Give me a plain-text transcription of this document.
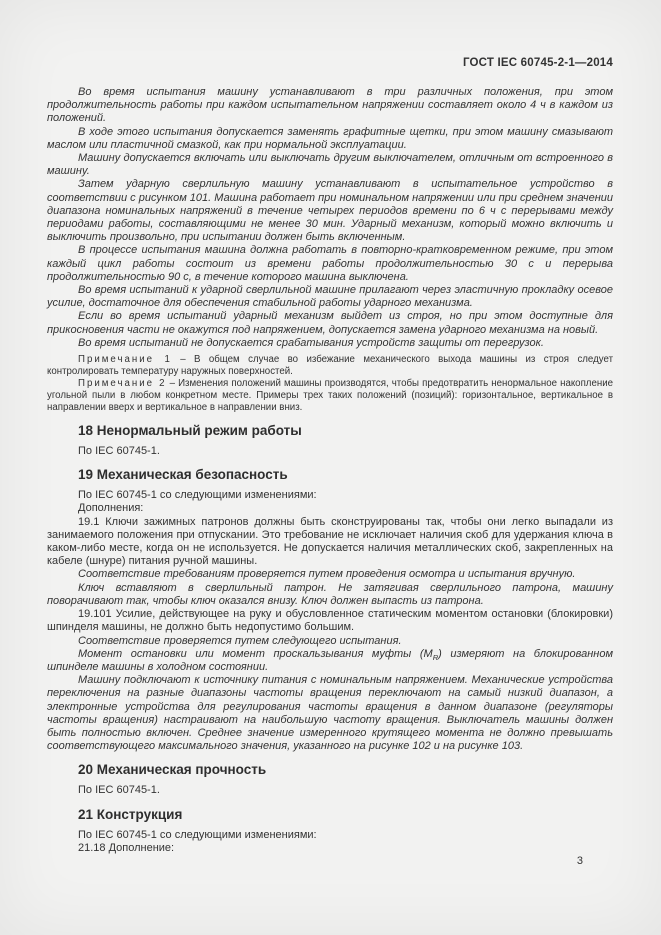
ГОСТ IEC 60745-2-1—2014

Во время испытания машину устанавливают в три различных положения, при этом продолжительность работы при каждом испытательном напряжении составляет около 4 ч в каждом из положений.

В ходе этого испытания допускается заменять графитные щетки, при этом машину смазывают маслом или пластичной смазкой, как при нормальной эксплуатации.

Машину допускается включать или выключать другим выключателем, отличным от встроенного в машину.

Затем ударную сверлильную машину устанавливают в испытательное устройство в соответствии с рисунком 101. Машина работает при номинальном напряжении или при среднем значении диапазона номинальных напряжений в течение четырех периодов времени по 6 ч с перерывами между периодами работы, составляющими не менее 30 мин. Ударный механизм, который можно включить и выключить произвольно, при испытании должен быть включенным.

В процессе испытания машина должна работать в повторно-кратковременном режиме, при этом каждый цикл работы состоит из времени работы продолжительностью 30 с и перерыва продолжительностью 90 с, в течение которого машина выключена.

Во время испытаний к ударной сверлильной машине прилагают через эластичную прокладку осевое усилие, достаточное для обеспечения стабильной работы ударного механизма.

Если во время испытаний ударный механизм выйдет из строя, но при этом доступные для прикосновения части не окажутся под напряжением, допускается замена ударного механизма на новый.

Во время испытаний не допускается срабатывания устройств защиты от перегрузок.

Примечание 1 – В общем случае во избежание механического выхода машины из строя следует контролировать температуру наружных поверхностей.

Примечание 2 – Изменения положений машины производятся, чтобы предотвратить ненормальное накопление угольной пыли в любом конкретном месте. Примеры трех таких положений (позиций): горизонтальное, вертикальное в направлении вверх и вертикальное в направлении вниз.

18 Ненормальный режим работы

По IEC 60745-1.

19 Механическая безопасность

По IEC 60745-1 со следующими изменениями:

Дополнения:

19.1 Ключи зажимных патронов должны быть сконструированы так, чтобы они легко выпадали из занимаемого положения при отпускании. Это требование не исключает наличия скоб для удержания ключа в каком-либо месте, когда он не используется. Не допускается наличия металлических скоб, закрепленных на кабеле (шнуре) питания ручной машины.

Соответствие требованиям проверяется путем проведения осмотра и испытания вручную.

Ключ вставляют в сверлильный патрон. Не затягивая сверлильного патрона, машину поворачивают так, чтобы ключ оказался внизу. Ключ должен выпасть из патрона.

19.101 Усилие, действующее на руку и обусловленное статическим моментом остановки (блокировки) шпинделя машины, не должно быть недопустимо большим.

Соответствие проверяется путем следующего испытания.

Момент остановки или момент проскальзывания муфты $(М_R)$ измеряют на блокированном шпинделе машины в холодном состоянии.

Машину подключают к источнику питания с номинальным напряжением. Механические устройства переключения на разные диапазоны частоты вращения переключают на самый низкий диапазон, а электронные устройства для регулирования частоты вращения в данном диапазоне (регуляторы частоты вращения) настраивают на наибольшую частоту вращения. Выключатель машины должен быть полностью включен. Среднее значение измеренного крутящего момента не должно превышать соответствующего максимального значения, указанного на рисунке 102 и на рисунке 103.

20 Механическая прочность

По IEC 60745-1.

21 Конструкция

По IEC 60745-1 со следующими изменениями:

21.18 Дополнение:

3
